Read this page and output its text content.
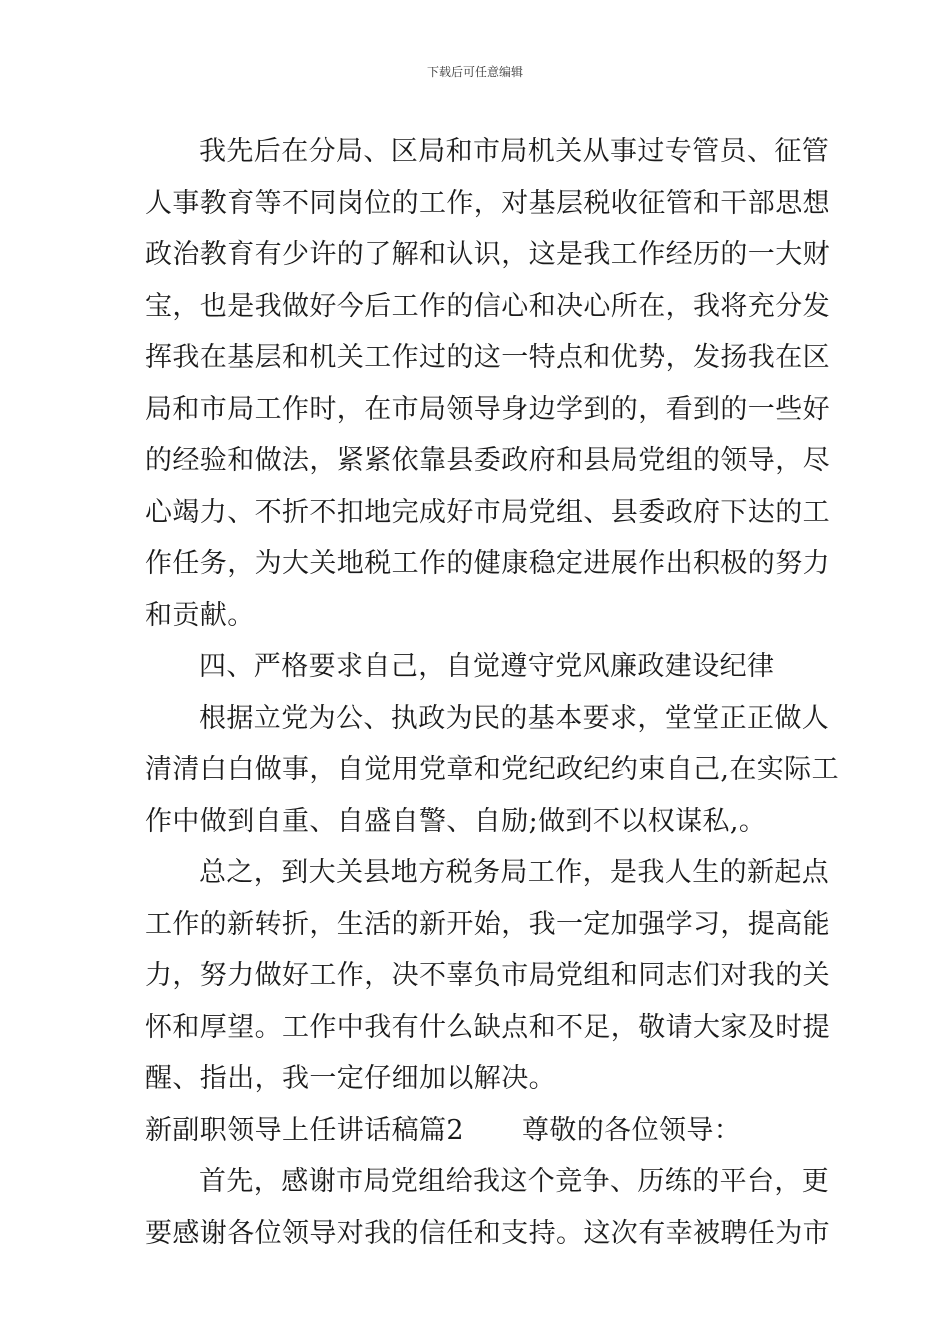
下载后可任意编辑
我先后在分局、区局和市局机关从事过专管员、征管
人事教育等不同岗位的工作，对基层税收征管和干部思想
政治教育有少许的了解和认识，这是我工作经历的一大财
宝，也是我做好今后工作的信心和决心所在，我将充分发
挥我在基层和机关工作过的这一特点和优势，发扬我在区
局和市局工作时，在市局领导身边学到的，看到的一些好
的经验和做法，紧紧依靠县委政府和县局党组的领导，尽
心竭力、不折不扣地完成好市局党组、县委政府下达的工
作任务，为大关地税工作的健康稳定进展作出积极的努力
和贡献。
四、严格要求自己，自觉遵守党风廉政建设纪律
根据立党为公、执政为民的基本要求，堂堂正正做人
清清白白做事，自觉用党章和党纪政纪约束自己,在实际工
作中做到自重、自盛自警、自励;做到不以权谋私,。
总之，到大关县地方税务局工作，是我人生的新起点
工作的新转折，生活的新开始，我一定加强学习，提高能
力，努力做好工作，决不辜负市局党组和同志们对我的关
怀和厚望。工作中我有什么缺点和不足，敬请大家及时提
醒、指出，我一定仔细加以解决。
新副职领导上任讲话稿篇2 尊敬的各位领导：
首先，感谢市局党组给我这个竞争、历练的平台，更
要感谢各位领导对我的信任和支持。这次有幸被聘任为市
